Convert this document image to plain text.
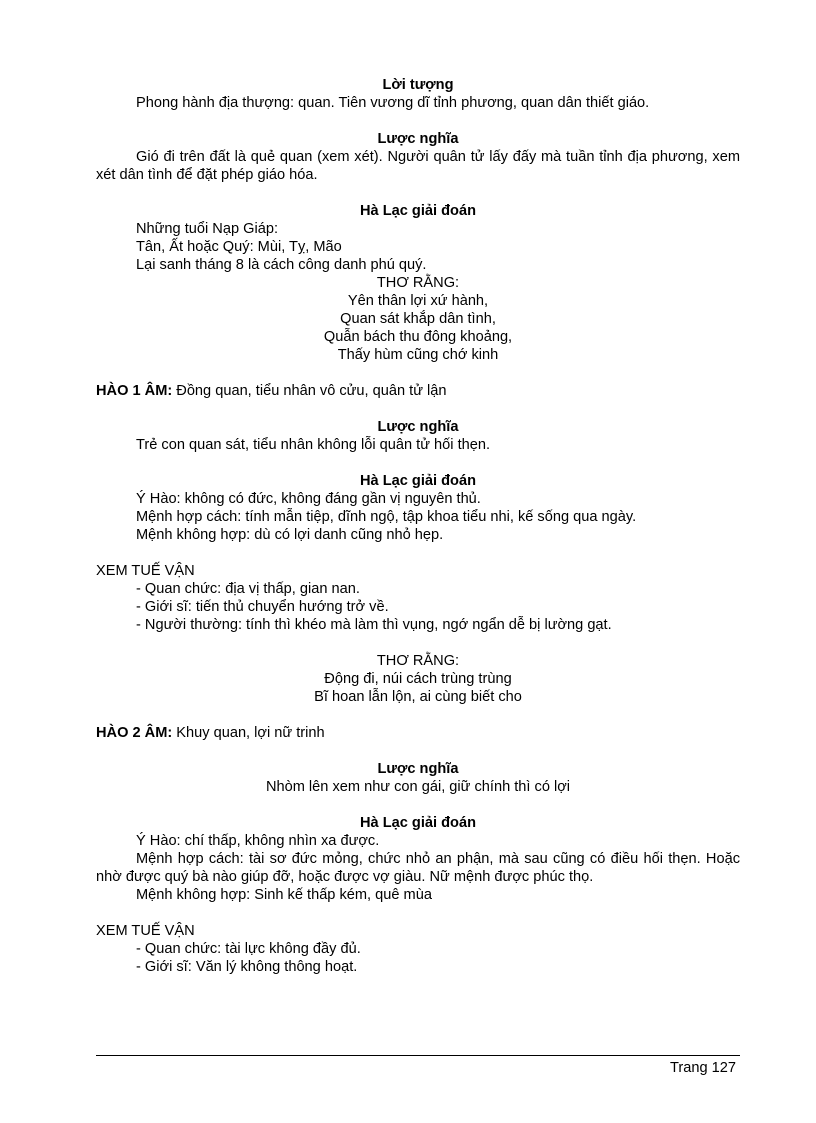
Lời tượng
Phong hành địa thượng: quan. Tiên vương dĩ tỉnh phương, quan dân thiết giáo.
Lược nghĩa
Gió đi trên đất là quẻ quan (xem xét). Người quân tử lấy đấy mà tuần tỉnh địa phương, xem xét dân tình để đặt phép giáo hóa.
Hà Lạc giải đoán
Những tuổi Nạp Giáp:
Tân, Ất hoặc Quý: Mùi, Tỵ, Mão
Lại sanh tháng 8 là cách công danh phú quý.
THƠ RẰNG:
Yên thân lợi xứ hành,
Quan sát khắp dân tình,
Quẫn bách thu đông khoảng,
Thấy hùm cũng chớ kinh
HÀO 1 ÂM: Đồng quan, tiểu nhân vô cửu, quân tử lận
Lược nghĩa
Trẻ con quan sát, tiểu nhân không lỗi quân tử hối thẹn.
Hà Lạc giải đoán
Ý Hào: không có đức, không đáng gần vị nguyên thủ.
Mệnh hợp cách: tính mẫn tiệp, dĩnh ngộ, tập khoa tiểu nhi, kế sống qua ngày.
Mệnh không hợp: dù có lợi danh cũng nhỏ hẹp.
XEM TUẾ VẬN
- Quan chức: địa vị thấp, gian nan.
- Giới sĩ: tiến thủ chuyển hướng trở về.
- Người thường: tính thì khéo mà làm thì vụng, ngớ ngẩn dễ bị lường gạt.
THƠ RẰNG:
Động đi, núi cách trùng trùng
Bĩ hoan lẫn lộn, ai cùng biết cho
HÀO 2 ÂM: Khuy quan, lợi nữ trinh
Lược nghĩa
Nhòm lên xem như con gái, giữ chính thì có lợi
Hà Lạc giải đoán
Ý Hào: chí thấp, không nhìn xa được.
Mệnh hợp cách: tài sơ đức mỏng, chức nhỏ an phận, mà sau cũng có điều hối thẹn. Hoặc nhờ được quý bà nào giúp đỡ, hoặc được vợ giàu. Nữ mệnh được phúc thọ.
Mệnh không hợp: Sinh kế thấp kém, quê mùa
XEM TUẾ VẬN
- Quan chức: tài lực không đầy đủ.
- Giới sĩ: Văn lý không thông hoạt.
Trang 127
